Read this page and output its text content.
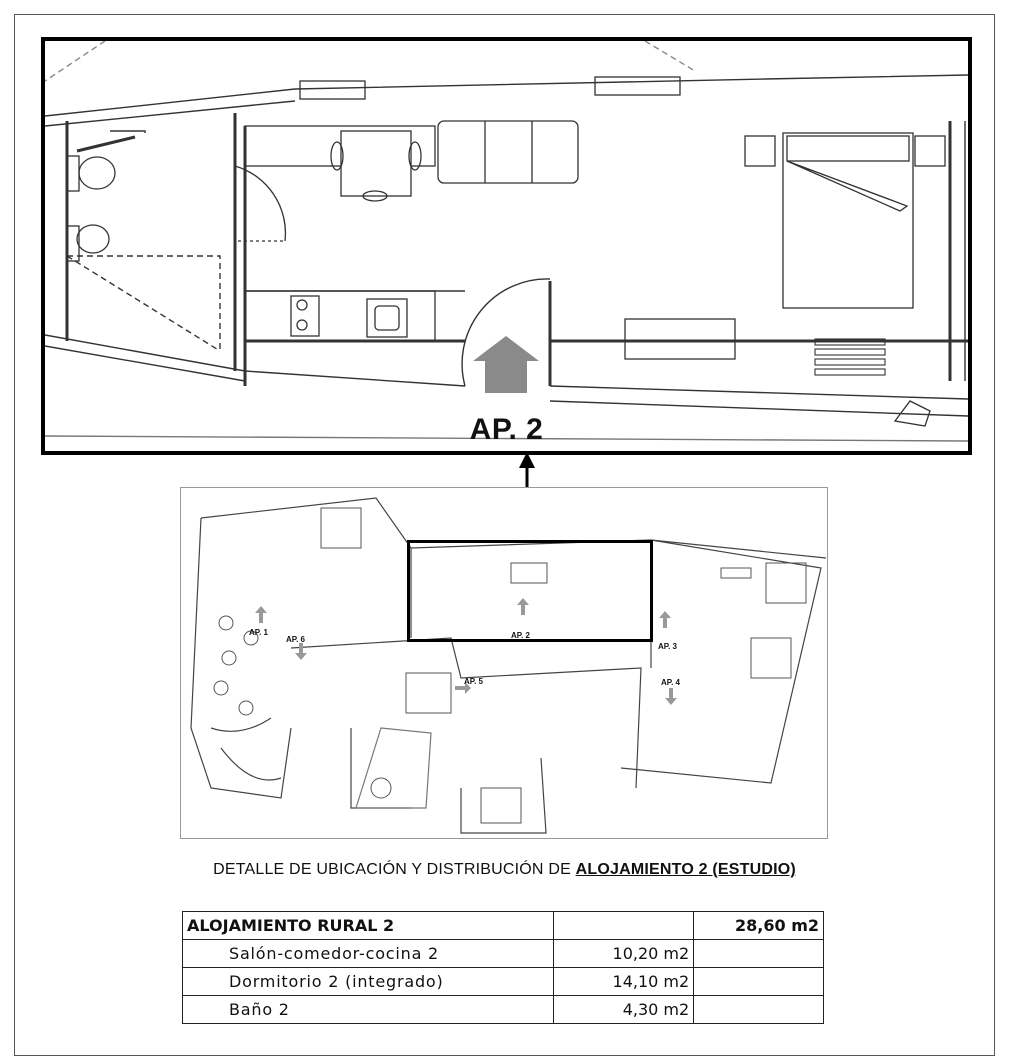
AP. 2
AP. 1	AP. 2
AP. 3
AP. 4
AP. 5
AP. 6
DETALLE DE UBICACIÓN Y DISTRIBUCIÓN DE ALOJAMIENTO 2 (ESTUDIO)
ALOJAMIENTO RURAL 2		28,60 m2
Salón-comedor-cocina 2	10,20 m2	
Dormitorio 2 (integrado)	14,10 m2	
Baño 2	4,30 m2	
